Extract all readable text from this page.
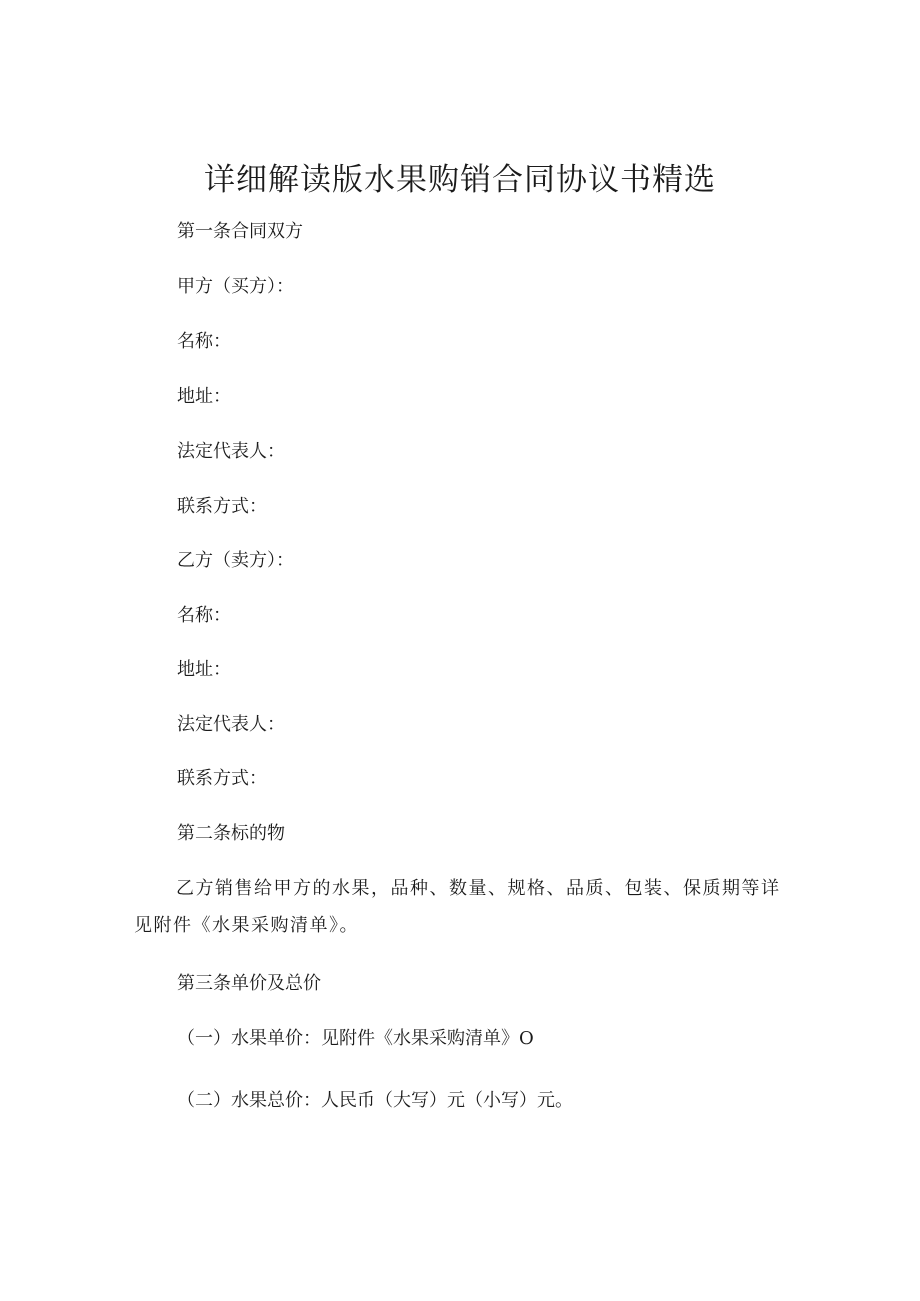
详细解读版水果购销合同协议书精选

第一条合同双方

甲方（买方）：

名称：

地址：

法定代表人：

联系方式：

乙方（卖方）：

名称：

地址：

法定代表人：

联系方式：

第二条标的物

乙方销售给甲方的水果，品种、数量、规格、品质、包装、保质期等详见附件《水果采购清单》。

第三条单价及总价

（一）水果单价：见附件《水果采购清单》O

（二）水果总价：人民币（大写）元（小写）元。
